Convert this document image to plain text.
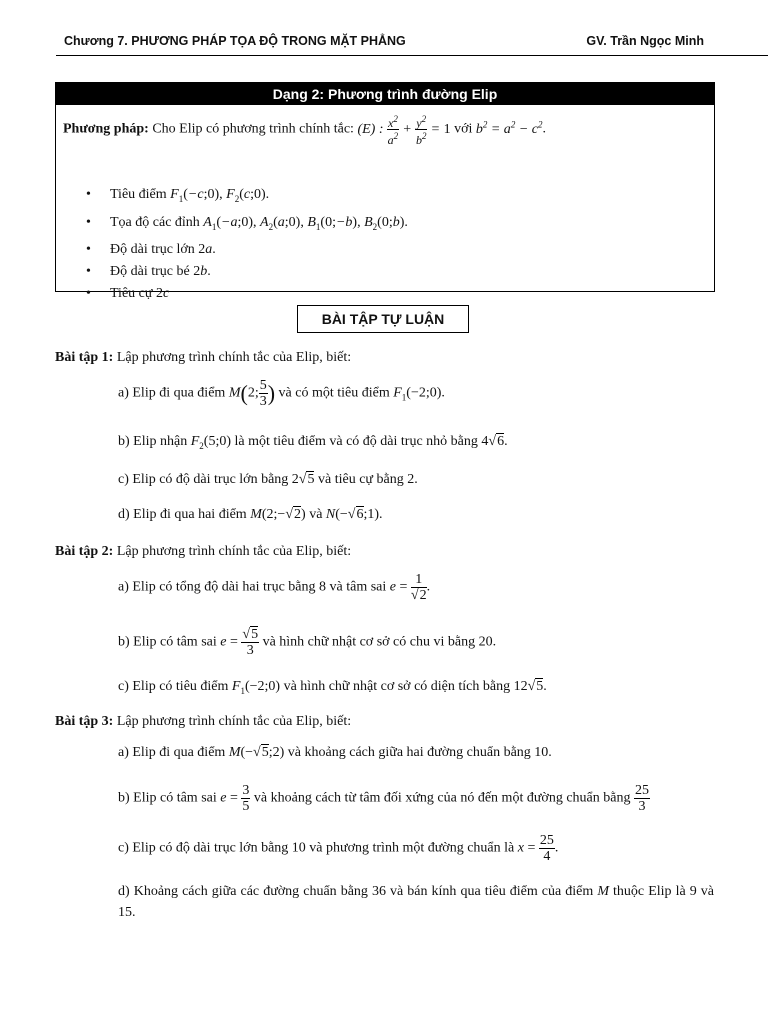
Chương 7. PHƯƠNG PHÁP TỌA ĐỘ TRONG MẶT PHẲNG	GV. Trần Ngọc Minh
Dạng 2: Phương trình đường Elip
Phương pháp: Cho Elip có phương trình chính tắc: (E) : $\frac{x^2}{a^2} + \frac{y^2}{b^2} = 1$ với $b^2 = a^2 - c^2$.
Tiêu điểm $F_1(-c;0)$, $F_2(c;0)$.
Tọa độ các đỉnh $A_1(-a;0)$, $A_2(a;0)$, $B_1(0;-b)$, $B_2(0;b)$.
Độ dài trục lớn 2a.
Độ dài trục bé 2b.
Tiêu cự 2c
BÀI TẬP TỰ LUẬN
Bài tập 1: Lập phương trình chính tắc của Elip, biết:
a) Elip đi qua điểm M(2; $\frac{5}{3}$ ) và có một tiêu điểm $F_1(-2;0)$.
b) Elip nhận $F_2(5;0)$ là một tiêu điểm và có độ dài trục nhỏ bằng 4√6.
c) Elip có độ dài trục lớn bằng 2√5 và tiêu cự bằng 2.
d) Elip đi qua hai điểm M(2;−√2) và N(−√6;1).
Bài tập 2: Lập phương trình chính tắc của Elip, biết:
a) Elip có tổng độ dài hai trục bằng 8 và tâm sai $e = \frac{1}{√2}$ .
b) Elip có tâm sai $e = \frac{√5}{3}$ và hình chữ nhật cơ sở có chu vi bằng 20.
c) Elip có tiêu điểm $F_1(-2;0)$ và hình chữ nhật cơ sở có diện tích bằng 12√5.
Bài tập 3: Lập phương trình chính tắc của Elip, biết:
a) Elip đi qua điểm M(−√5;2) và khoảng cách giữa hai đường chuẩn bằng 10.
b) Elip có tâm sai $e = \frac{3}{5}$ và khoảng cách từ tâm đối xứng của nó đến một đường chuẩn bằng $\frac{25}{3}$
c) Elip có độ dài trục lớn bằng 10 và phương trình một đường chuẩn là $x = \frac{25}{4}$ .
d) Khoảng cách giữa các đường chuẩn bằng 36 và bán kính qua tiêu điểm của điểm M thuộc Elip là 9 và 15.
